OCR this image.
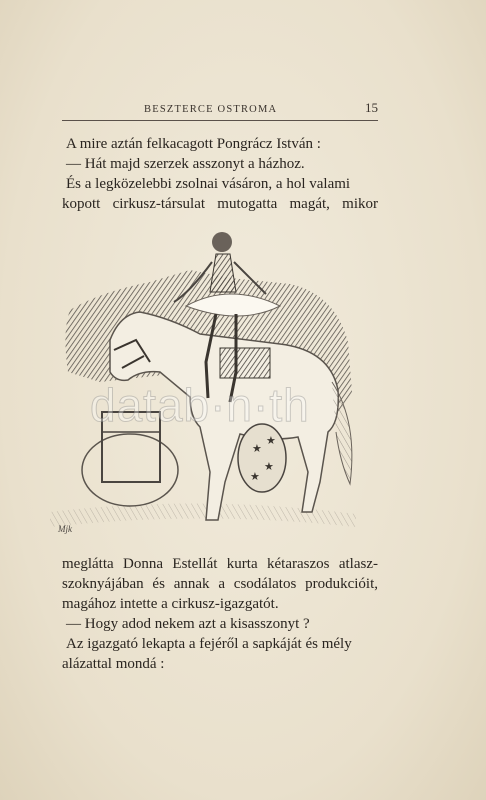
BESZTERCE OSTROMA	15
A mire aztán felkacagott Pongrácz István :
— Hát majd szerzek asszonyt a házhoz.
És a legközelebbi zsolnai vásáron, a hol valami
kopott cirkusz-társulat mutogatta magát, mikor
★
★
★
★
Mjk
datab·n·th
meglátta Donna Estellát kurta kétaraszos atlasz-
szoknyájában és annak a csodálatos produkcióit,
magához intette a cirkusz-igazgatót.
— Hogy adod nekem azt a kisasszonyt ?
Az igazgató lekapta a fejéről a sapkáját és mély
alázattal mondá :
